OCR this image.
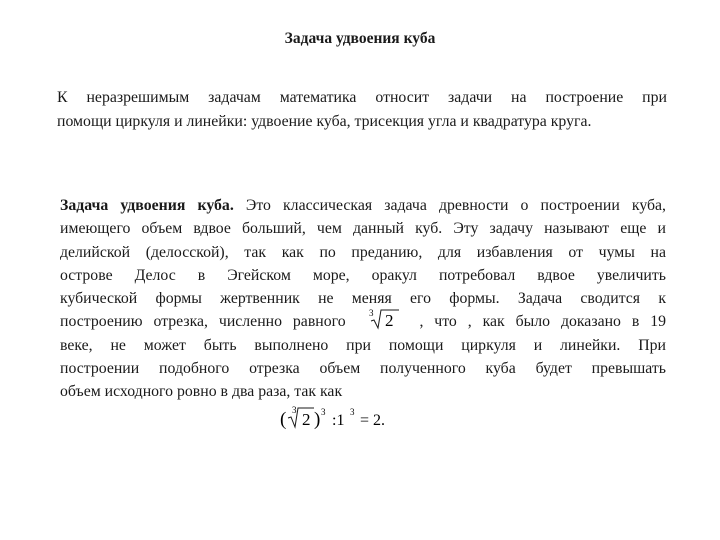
Задача удвоения куба
К неразрешимым задачам математика относит задачи на построение при
помощи циркуля и линейки: удвоение куба, трисекция угла и квадратура круга.
Задача удвоения куба. Это классическая задача древности о построении куба,
имеющего объем вдвое больший, чем данный куб. Эту задачу называют еще и
делийской (делосской), так как по преданию, для избавления от чумы на
острове Делос в Эгейском море, оракул потребовал вдвое увеличить
кубической формы жертвенник не меняя его формы. Задача сводится к
построению отрезка, численно равного	3 2 , что , как было доказано в 19
веке, не может быть выполнено при помощи циркуля и линейки. При
построении подобного отрезка объем полученного куба будет превышать
объем исходного ровно в два раза, так как
( 3 2 ) 3 :1 3 = 2.
